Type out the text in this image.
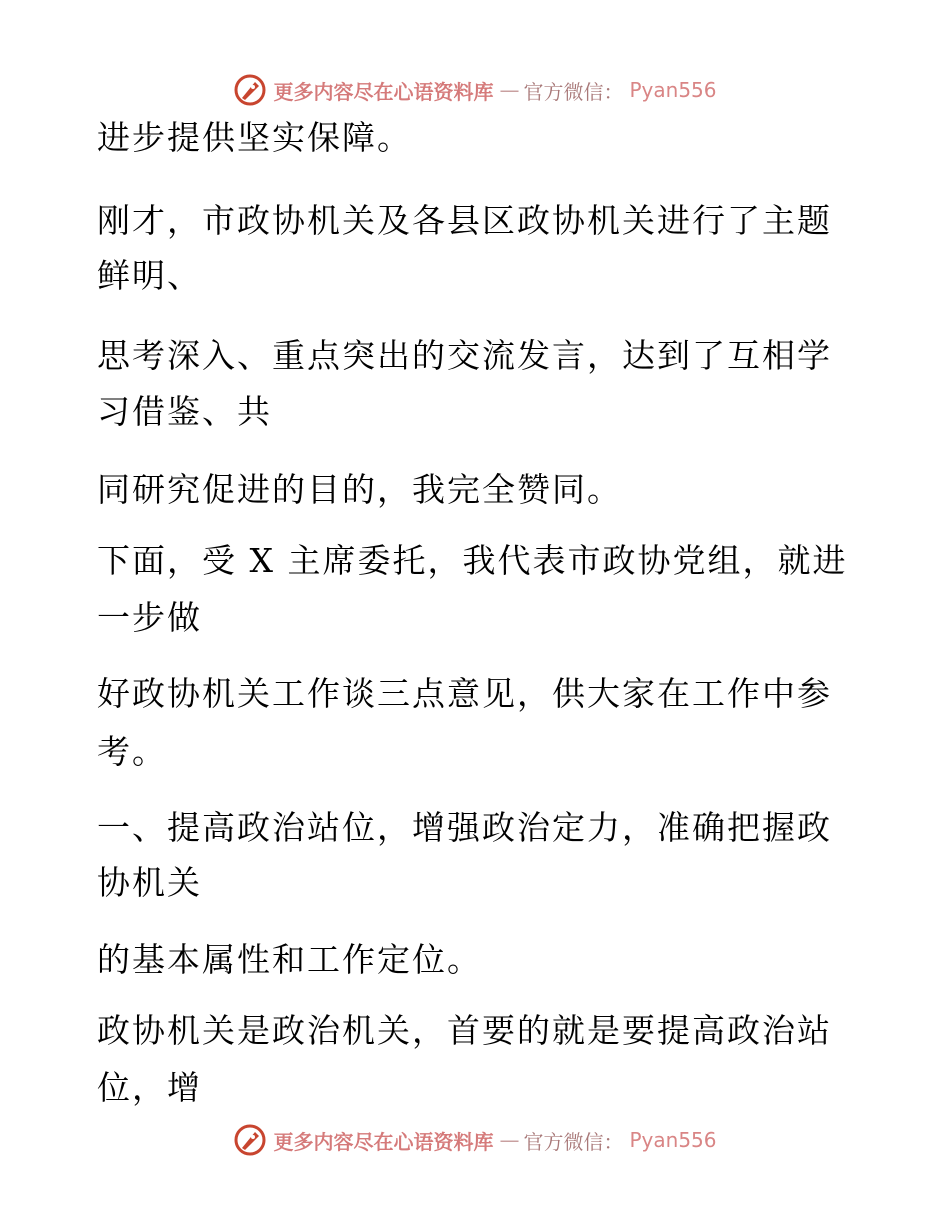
更多内容尽在心语资料库 — 官方微信： Pyan556
进步提供坚实保障。
刚才，市政协机关及各县区政协机关进行了主题
鲜明、
思考深入、重点突出的交流发言，达到了互相学
习借鉴、共
同研究促进的目的，我完全赞同。
下面，受 X 主席委托，我代表市政协党组，就进
一步做
好政协机关工作谈三点意见，供大家在工作中参
考。
一、提高政治站位，增强政治定力，准确把握政
协机关
的基本属性和工作定位。
政协机关是政治机关，首要的就是要提高政治站
位，增
更多内容尽在心语资料库 — 官方微信： Pyan556
